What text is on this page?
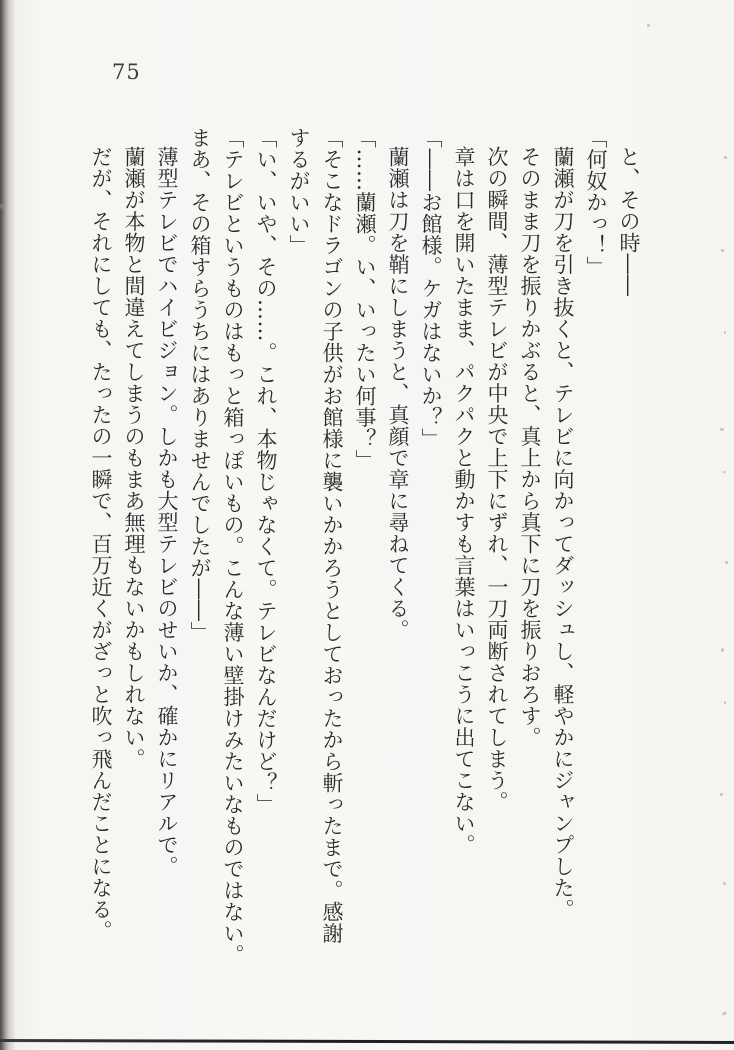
75
と、その時――
「何奴かっ！」
蘭瀬が刀を引き抜くと、テレビに向かってダッシュし、軽やかにジャンプした。
そのまま刀を振りかぶると、真上から真下に刀を振りおろす。
次の瞬間、薄型テレビが中央で上下にずれ、一刀両断されてしまう。
章は口を開いたまま、パクパクと動かすも言葉はいっこうに出てこない。
「――お館様。ケガはないか？」
蘭瀬は刀を鞘にしまうと、真顔で章に尋ねてくる。
「……蘭瀬。い、いったい何事？」
「そこなドラゴンの子供がお館様に襲いかかろうとしておったから斬ったまで。感謝
するがいい」
「い、いや、その……。これ、本物じゃなくて。テレビなんだけど？」
「テレビというものはもっと箱っぽいもの。こんな薄い壁掛けみたいなものではない。
まあ、その箱すらうちにはありませんでしたが――」
薄型テレビでハイビジョン。しかも大型テレビのせいか、確かにリアルで。
蘭瀬が本物と間違えてしまうのもまあ無理もないかもしれない。
だが、それにしても、たったの一瞬で、百万近くがざっと吹っ飛んだことになる。
